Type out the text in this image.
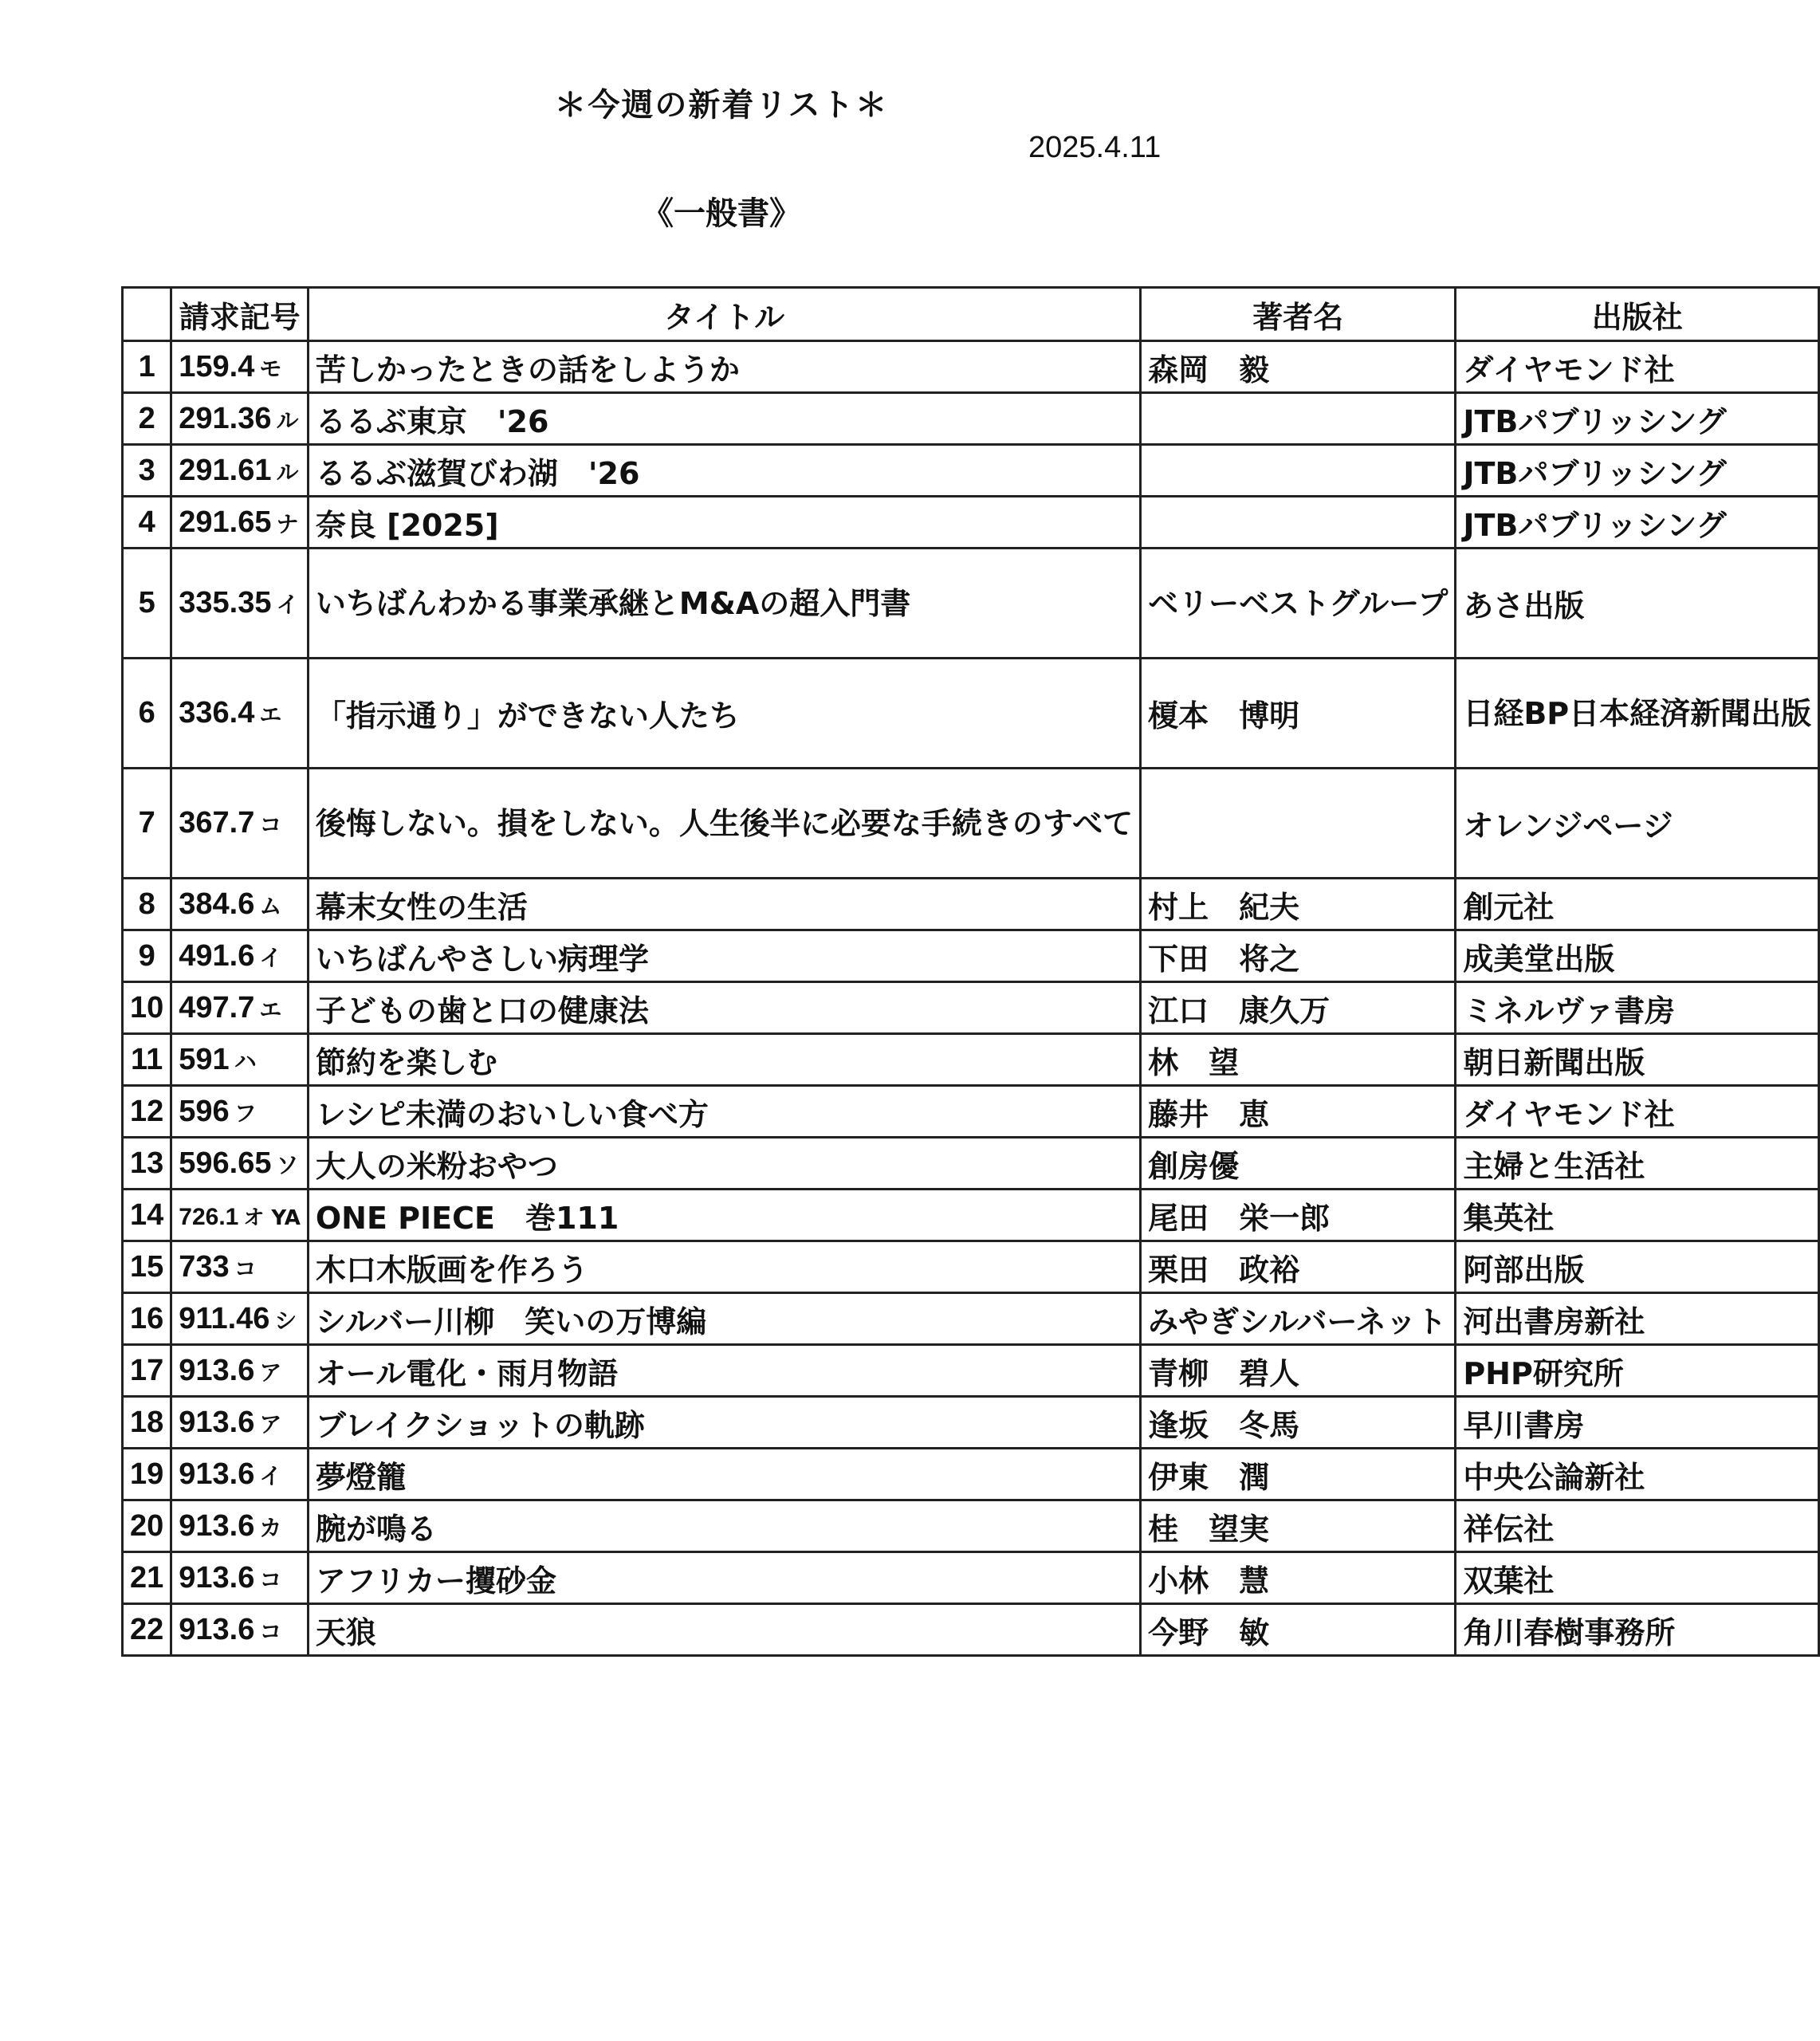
＊今週の新着リスト＊
2025.4.11
《一般書》
	請求記号	タイトル	著者名	出版社
1	159.4 モ	苦しかったときの話をしようか	森岡　毅	ダイヤモンド社
2	291.36 ル	るるぶ東京　'26		JTBパブリッシング
3	291.61 ル	るるぶ滋賀びわ湖　'26		JTBパブリッシング
4	291.65 ナ	奈良 [2025]		JTBパブリッシング
5	335.35 イ	いちばんわかる事業承継とM&Aの超入門書	ベリーベストグループ	あさ出版
6	336.4 エ	「指示通り」ができない人たち	榎本　博明	日経BP日本経済新聞出版
7	367.7 コ	後悔しない。損をしない。人生後半に必要な手続きのすべて		オレンジページ
8	384.6 ム	幕末女性の生活	村上　紀夫	創元社
9	491.6 イ	いちばんやさしい病理学	下田　将之	成美堂出版
10	497.7 エ	子どもの歯と口の健康法	江口　康久万	ミネルヴァ書房
11	591 ハ	節約を楽しむ	林　望	朝日新聞出版
12	596 フ	レシピ未満のおいしい食べ方	藤井　恵	ダイヤモンド社
13	596.65 ソ	大人の米粉おやつ	創房優	主婦と生活社
14	726.1 オ YA	ONE PIECE　巻111	尾田　栄一郎	集英社
15	733 コ	木口木版画を作ろう	栗田　政裕	阿部出版
16	911.46 シ	シルバー川柳　笑いの万博編	みやぎシルバーネット	河出書房新社
17	913.6 ア	オール電化・雨月物語	青柳　碧人	PHP研究所
18	913.6 ア	ブレイクショットの軌跡	逢坂　冬馬	早川書房
19	913.6 イ	夢燈籠	伊東　潤	中央公論新社
20	913.6 カ	腕が鳴る	桂　望実	祥伝社
21	913.6 コ	アフリカー攫砂金	小林　慧	双葉社
22	913.6 コ	天狼	今野　敏	角川春樹事務所
